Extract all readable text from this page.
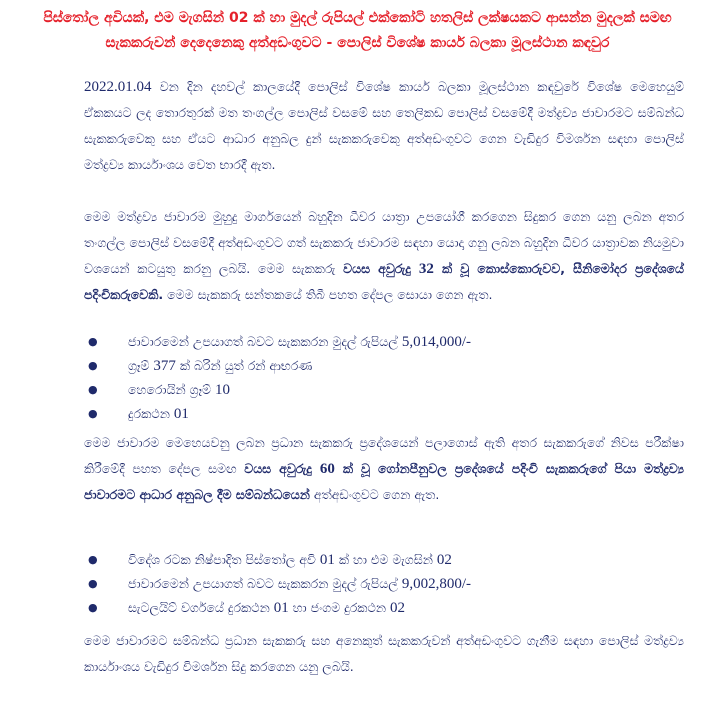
පිස්තෝල අවියක්, එම මැගසින් 02 ක් හා මුදල් රුපියල් එක්කෝටි හතලිස් ලක්ෂයකට ආසන්න මුදලක් සමඟ සැකකරුවන් දෙදෙනෙකු අත්අඩංගුවට - පොලිස් විශේෂ කාර්ය බලකා මූලස්ථාන කඳවුර

2022.01.04 වන දින දහවල් කාලයේදී පොලිස් විශේෂ කාර්ය බලකා මූලස්ථාන කඳවුරේ විශේෂ මෙහෙයුම් ඒකකයට ලද තොරතුරක් මත තංගල්ල පොලිස් වසමේ සහ තෙලිකඩ පොලිස් වසමේදී මත්ද්‍රව්‍ය ජාවාරමට සම්බන්ධ සැකකරුවෙකු සහ ඒයට ආධාර අනුබල දුන් සැකකරුවෙකු අත්අඩංගුවට ගෙන වැඩිදුර විමර්ශන සඳහා පොලිස් මත්ද්‍රව්‍ය කාර්යාංශය වෙත භාරදී ඇත.

මෙම මත්ද්‍රව්‍ය ජාවාරම මුහුදු මාර්ගයෙන් බහුදින ධීවර යාත්‍රා උපයෝගී කරගෙන සිදුකර ගෙන යනු ලබන අතර තංගල්ල පොලිස් වසමේදී අත්අඩංගුවට ගත් සැකකරු ජාවාරම සඳහා යොදා ගනු ලබන බහුදින ධීවර යාත්‍රාවක නියමුවා වශයෙන් කටයුතු කරනු ලබයි. මෙම සැකකරු වයස අවුරුදු 32 ක් වූ කොස්කොරුවව, සීනිමෝදර ප්‍රදේශයේ පදිංචිකරුවෙකි. මෙම සැකකරු සන්තකයේ තිබී පහත දේපල සොයා ගෙන ඇත.

● ජාවාරමෙන් උපයාගත් බවට සැකකරන මුදල් රුපියල් 5,014,000/-
● ග්‍රෑම් 377 ක් බරින් යුත් රන් ආභරණ
● හෙරොයින් ග්‍රෑම් 10
● දුරකථන 01

මෙම ජාවාරම මෙහෙයවනු ලබන ප්‍රධාන සැකකරු ප්‍රදේශයෙන් පලාගොස් ඇති අතර සැකකරුගේ නිවස පරීක්ෂා කිරීමේදී පහත දේපල සමඟ වයස අවුරුදු 60 ක් වූ ගෝනපීනුවල ප්‍රදේශයේ පදිංචි සැකකරුගේ පියා මත්ද්‍රව්‍ය ජාවාරමට ආධාර අනුබල දීම සම්බන්ධයෙන් අත්අඩංගුවට ගෙන ඇත.

● විදේශ රටක නිෂ්පාදිත පිස්තෝල අවි 01 ක් හා එම මැගසින් 02
● ජාවාරමෙන් උපයාගත් බවට සැකකරන මුදල් රුපියල් 9,002,800/-
● සැටලයිට් වර්ගයේ දුරකථන 01 හා ජංගම දුරකථන 02

මෙම ජාවාරමට සම්බන්ධ ප්‍රධාන සැකකරු සහ අනෙකුත් සැකකරුවන් අත්අඩංගුවට ගැනීම සඳහා පොලිස් මත්ද්‍රව්‍ය කාර්යාංශය වැඩිදුර විමර්ශන සිදු කරගෙන යනු ලබයි.
